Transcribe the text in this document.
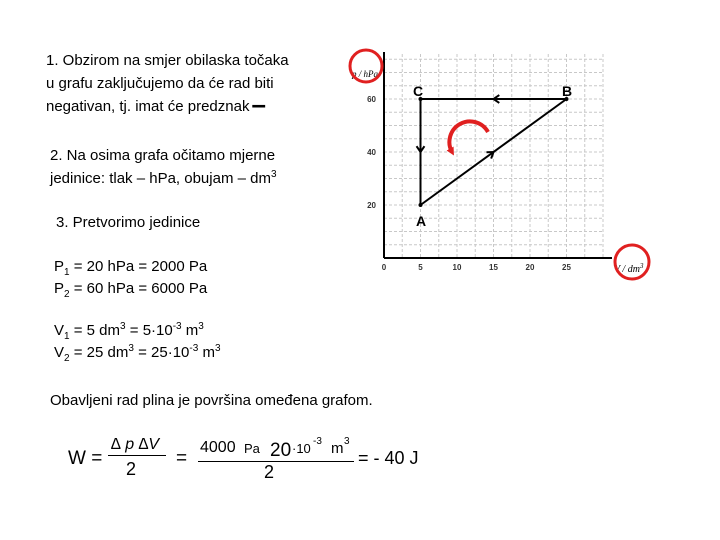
1. Obzirom na smjer obilaska točaka
u grafu zaključujemo da će rad biti
negativan, tj. imat će predznak–
2. Na osima grafa očitamo mjerne
jedinice: tlak – hPa, obujam – $dm^3$
3. Pretvorimo jedinice
$P_1 = 20$ hPa = 2000 Pa
$P_2 = 60$ hPa = 6000 Pa
$V_1 = 5$ $dm^3 = 5\cdot 10^{-3}$ $m^3$
$V_2 = 25$ $dm^3 = 25\cdot 10^{-3}$ $m^3$
Obavljeni rad plina je površina omeđena grafom.
W =
∆ p ∆V
2 =
4000 Pa 20 ·10 -3 m 3
2
= - 40 J
60
40
20
0	5	10	15	20	25
p / hPa
V / $dm^3$
A
B
C
